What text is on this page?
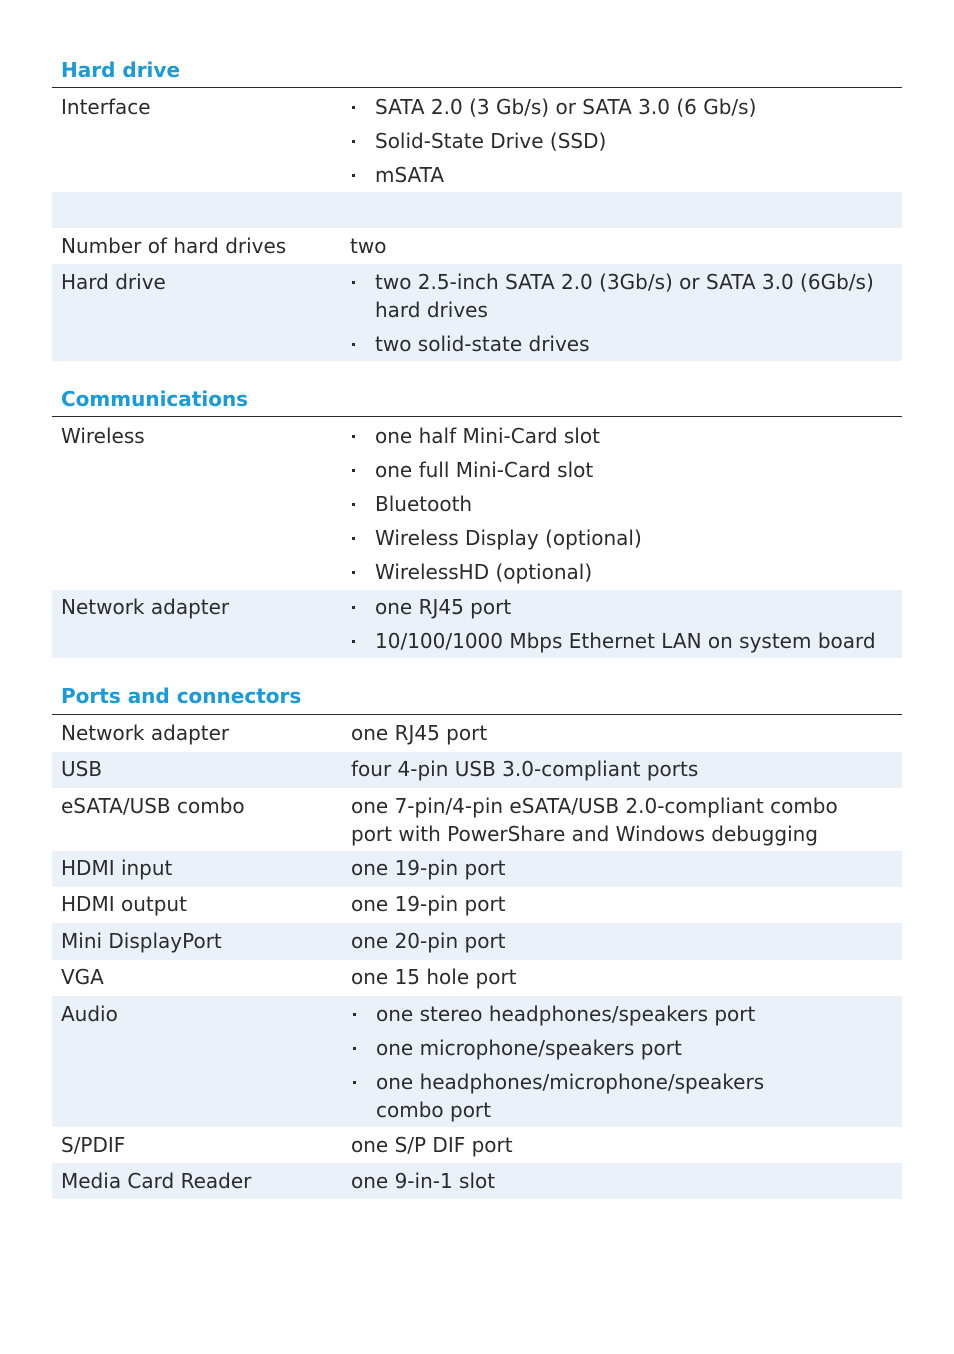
Hard drive
Interface	SATA 2.0 (3 Gb/s) or SATA 3.0 (6 Gb/s)
Solid-State Drive (SSD)
mSATA
Number of hard drives	two
Hard drive	two 2.5-inch SATA 2.0 (3Gb/s) or SATA 3.0 (6Gb/s) hard drives
two solid-state drives
Communications
Wireless	one half Mini-Card slot
one full Mini-Card slot
Bluetooth
Wireless Display (optional)
WirelessHD (optional)
Network adapter	one RJ45 port
10/100/1000 Mbps Ethernet LAN on system board
Ports and connectors
Network adapter	one RJ45 port
USB	four 4-pin USB 3.0-compliant ports
eSATA/USB combo	one 7-pin/4-pin eSATA/USB 2.0-compliant combo port with PowerShare and Windows debugging
HDMI input	one 19-pin port
HDMI output	one 19-pin port
Mini DisplayPort	one 20-pin port
VGA	one 15 hole port
Audio	one stereo headphones/speakers port
one microphone/speakers port
one headphones/microphone/speakers combo port
S/PDIF	one S/P DIF port
Media Card Reader	one 9-in-1 slot
